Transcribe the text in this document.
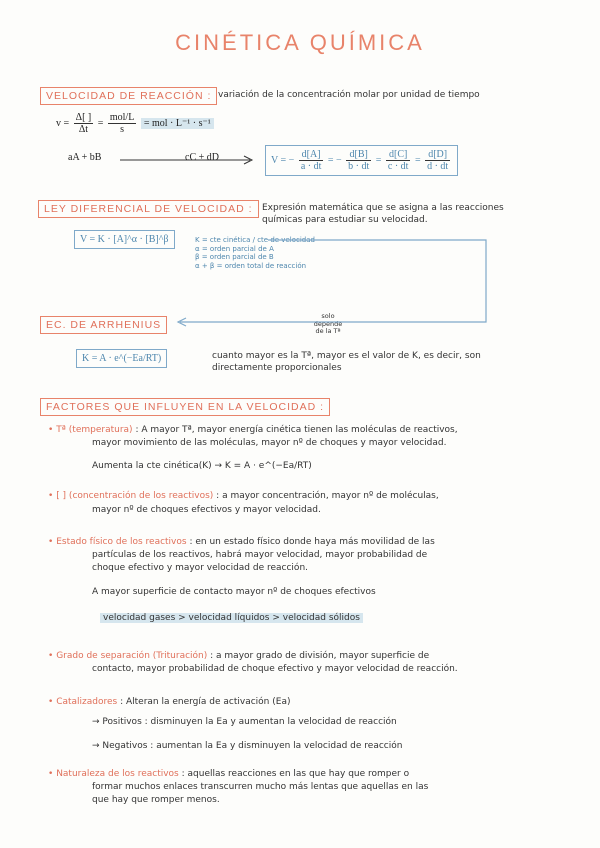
CINÉTICA QUÍMICA
VELOCIDAD DE REACCIÓN : variación de la concentración molar por unidad de tiempo
$v = \frac{\Delta[ ]}{\Delta t} = \frac{\text{mol/L}}{s}$ = mol · L⁻¹ · s⁻¹
aA + bB	cC + dD	V = − $\frac{d[A]}{a \cdot dt}$ = − $\frac{d[B]}{b \cdot dt} = \frac{d[C]}{c \cdot dt} = \frac{d[D]}{d \cdot dt}$
LEY DIFERENCIAL DE VELOCIDAD :	Expresión matemática que se asigna a las reacciones
químicas para estudiar su velocidad.
V = K · [A]^α · [B]^β	K = cte cinética / cte de velocidad
α = orden parcial de A
β = orden parcial de B
α + β = orden total de reacción
EC. DE ARRHENIUS
solo
depende
de la Tª
K = A · e^(−Ea/RT)	cuanto mayor es la Tª, mayor es el valor de K, es decir, son
directamente proporcionales
FACTORES QUE INFLUYEN EN LA VELOCIDAD :
• Tª (temperatura) : A mayor Tª, mayor energía cinética tienen las moléculas de reactivos,
mayor movimiento de las moléculas, mayor nº de choques y mayor velocidad.
Aumenta la cte cinética(K) → K = A · e^(−Ea/RT)
• [ ] (concentración de los reactivos) : a mayor concentración, mayor nº de moléculas,
mayor nº de choques efectivos y mayor velocidad.
• Estado físico de los reactivos : en un estado físico donde haya más movilidad de las
partículas de los reactivos, habrá mayor velocidad, mayor probabilidad de
choque efectivo y mayor velocidad de reacción.
A mayor superficie de contacto mayor nº de choques efectivos
velocidad gases > velocidad líquidos > velocidad sólidos
• Grado de separación (Trituración) : a mayor grado de división, mayor superficie de
contacto, mayor probabilidad de choque efectivo y mayor velocidad de reacción.
• Catalizadores : Alteran la energía de activación (Ea)
→ Positivos : disminuyen la Ea y aumentan la velocidad de reacción
→ Negativos : aumentan la Ea y disminuyen la velocidad de reacción
• Naturaleza de los reactivos : aquellas reacciones en las que hay que romper o
formar muchos enlaces transcurren mucho más lentas que aquellas en las
que hay que romper menos.
